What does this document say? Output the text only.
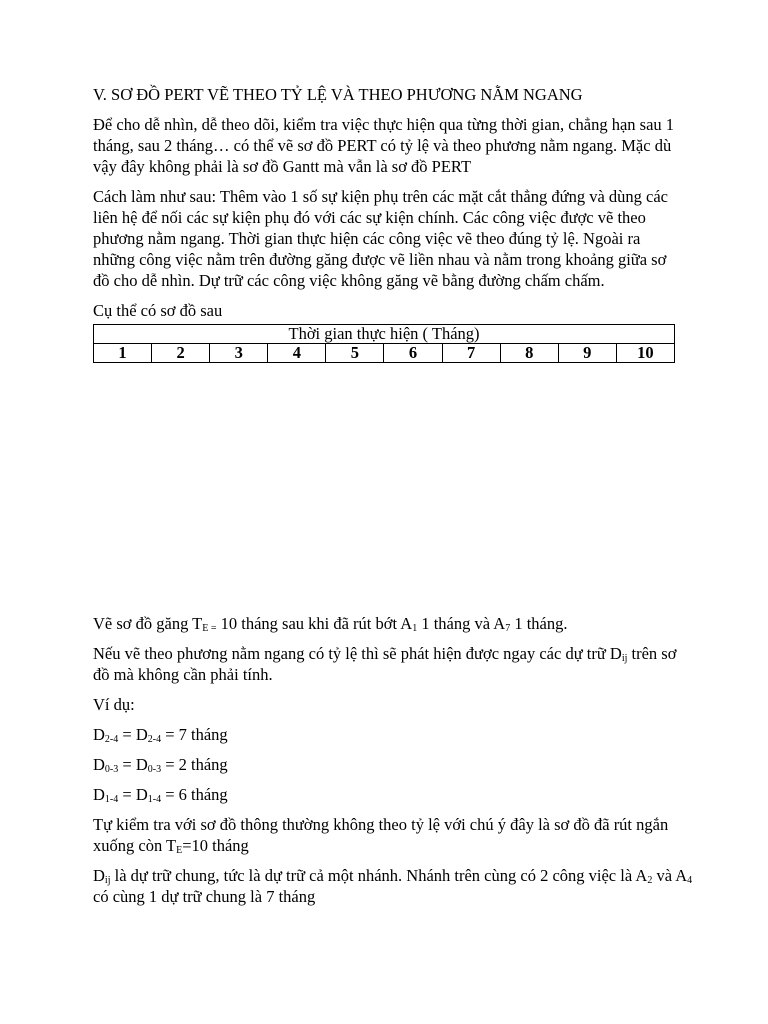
V. SƠ ĐỒ PERT VẼ THEO TỶ LỆ VÀ THEO PHƯƠNG NẰM NGANG

Để cho dễ nhìn, dễ theo dõi, kiểm tra việc thực hiện qua từng thời gian, chẳng hạn sau 1 tháng, sau 2 tháng… có thể vẽ sơ đồ PERT có tỷ lệ và theo phương nằm ngang. Mặc dù vậy đây không phải là sơ đồ Gantt mà vẫn là sơ đồ PERT

Cách làm như sau: Thêm vào 1 số sự kiện phụ trên các mặt cắt thẳng đứng và dùng các liên hệ để nối các sự kiện phụ đó với các sự kiện chính. Các công việc được vẽ theo phương nằm ngang. Thời gian thực hiện các công việc vẽ theo đúng tỷ lệ. Ngoài ra những công việc nằm trên đường găng được vẽ liền nhau và nằm trong khoảng giữa sơ đồ cho dễ nhìn. Dự trữ các công việc không găng vẽ bằng đường chấm chấm.

Cụ thể có sơ đồ sau

Thời gian thực hiện ( Tháng)
1	2	3	4	5	6	7	8	9	10

Vẽ sơ đồ găng $T_{E =}$ 10 tháng sau khi đã rút bớt $A_1$ 1 tháng và $A_7$ 1 tháng.

Nếu vẽ theo phương nằm ngang có tỷ lệ thì sẽ phát hiện được ngay các dự trữ $D_{ij}$ trên sơ đồ mà không cần phải tính.

Ví dụ:

$D_{2-4} = D_{2-4} = 7$ tháng

$D_{0-3} = D_{0-3} = 2$ tháng

$D_{1-4} = D_{1-4} = 6$ tháng

Tự kiểm tra với sơ đồ thông thường không theo tỷ lệ với chú ý đây là sơ đồ đã rút ngắn xuống còn $T_E=10$ tháng

$D_{ij}$ là dự trữ chung, tức là dự trữ cả một nhánh. Nhánh trên cùng có 2 công việc là $A_2$ và $A_4$ có cùng 1 dự trữ chung là 7 tháng
